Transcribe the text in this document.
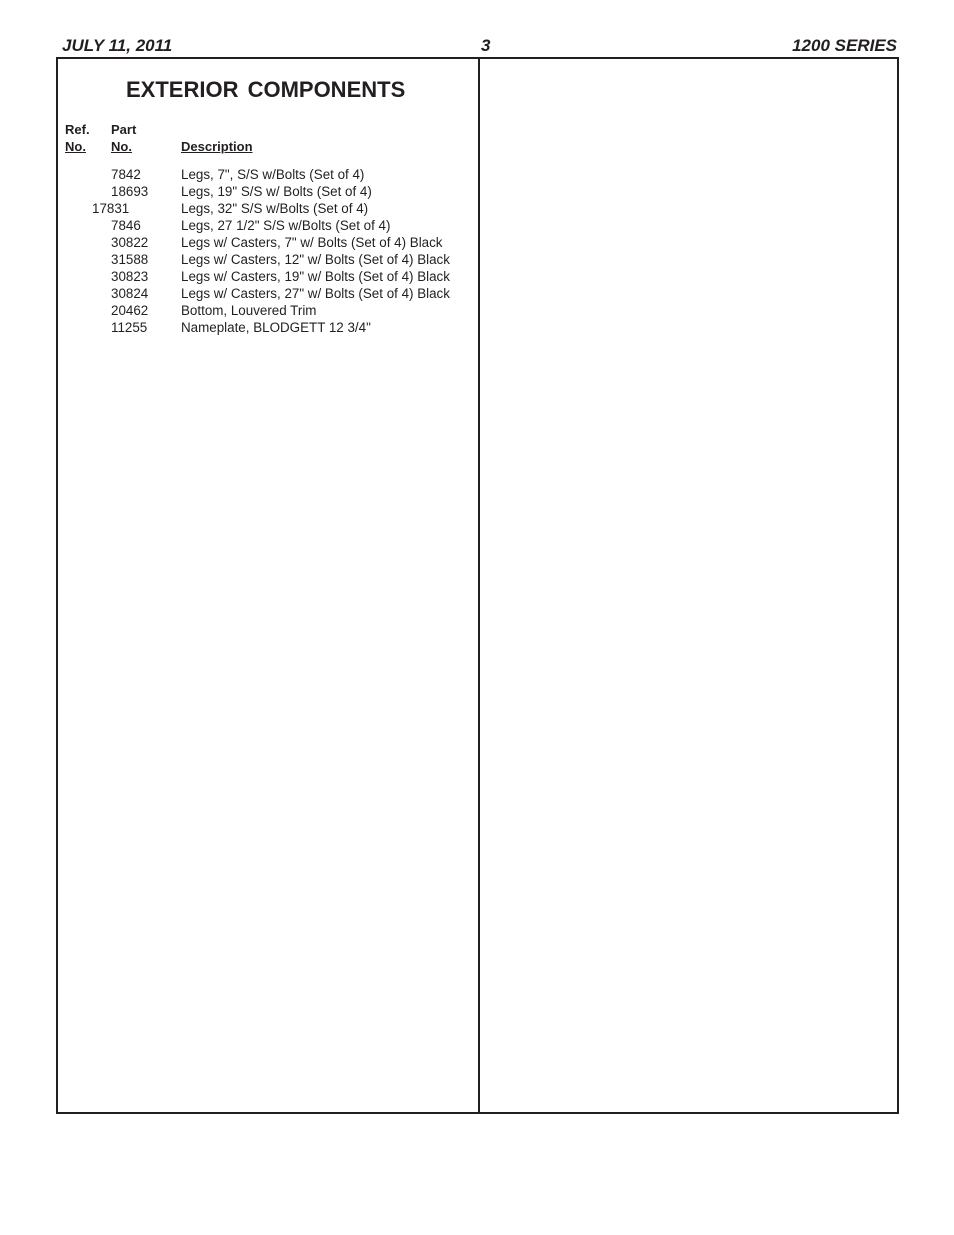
JULY 11, 2011	3	1200 SERIES
EXTERIOR COMPONENTS
Ref.
No.
Part
No.	Description
7842	Legs, 7", S/S w/Bolts (Set of 4)
18693 Legs, 19" S/S w/ Bolts (Set of 4)
17831	Legs, 32" S/S w/Bolts (Set of 4)
7846	Legs, 27 1/2" S/S w/Bolts (Set of 4)
30822 Legs w/ Casters, 7" w/ Bolts (Set of 4) Black
31588 Legs w/ Casters, 12" w/ Bolts (Set of 4) Black
30823 Legs w/ Casters, 19" w/ Bolts (Set of 4) Black
30824 Legs w/ Casters, 27" w/ Bolts (Set of 4) Black
20462 Bottom, Louvered Trim
11255	Nameplate, BLODGETT 12 3/4"
